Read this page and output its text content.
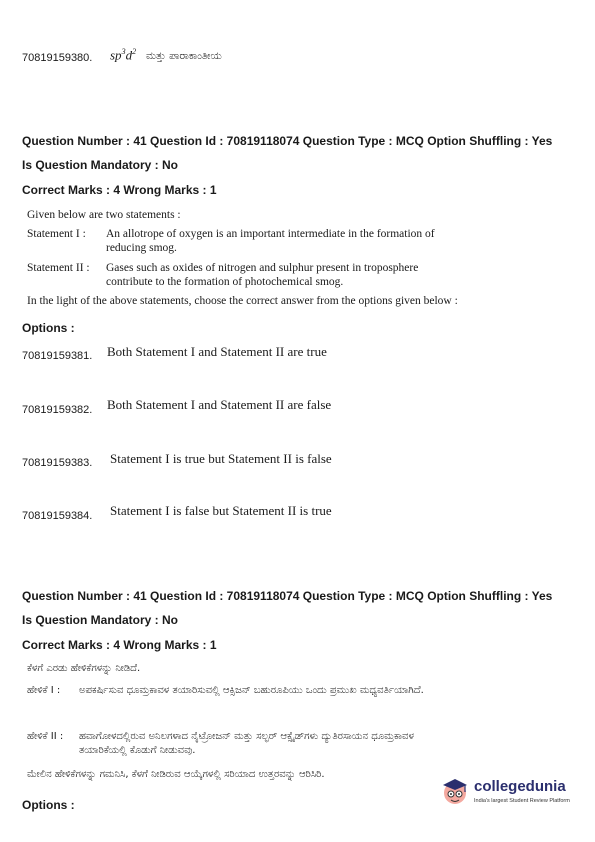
70819159380. $sp^3d^2$ ಮತ್ತು ಪಾರಾಕಾಂತೀಯ
Question Number : 41 Question Id : 70819118074 Question Type : MCQ Option Shuffling : Yes
Is Question Mandatory : No
Correct Marks : 4 Wrong Marks : 1
Given below are two statements :
Statement I :	An allotrope of oxygen is an important intermediate in the formation of reducing smog.
Statement II :	Gases such as oxides of nitrogen and sulphur present in troposphere contribute to the formation of photochemical smog.
In the light of the above statements, choose the correct answer from the options given below :
Options :
70819159381. Both Statement I and Statement II are true
70819159382. Both Statement I and Statement II are false
70819159383. Statement I is true but Statement II is false
70819159384. Statement I is false but Statement II is true
Question Number : 41 Question Id : 70819118074 Question Type : MCQ Option Shuffling : Yes
Is Question Mandatory : No
Correct Marks : 4 Wrong Marks : 1
ಕೆಳಗೆ ಎರಡು ಹೇಳಿಕೆಗಳನ್ನು ನೀಡಿದೆ.
ಹೇಳಿಕೆ I :	ಅಪಕರ್ಷಿಸುವ ಧೂಮ್ರಕಾವಳ ತಯಾರಿಸುವಲ್ಲಿ ಆಕ್ಸಿಜನ್ ಬಹುರೂಪಿಯು ಒಂದು ಪ್ರಮುಖ ಮಧ್ಯವರ್ತಿಯಾಗಿದೆ.
ಹೇಳಿಕೆ II :	ಹವಾಗೋಳದಲ್ಲಿರುವ ಅನಿಲಗಳಾದ ನೈಟ್ರೋಜನ್ ಮತ್ತು ಸಲ್ಫರ್ ಆಕ್ಸೈಡ್‌ಗಳು ದ್ಯುತಿರಸಾಯನ ಧೂಮ್ರಕಾವಳ ತಯಾರಿಕೆಯಲ್ಲಿ ಕೊಡುಗೆ ನೀಡುವವು.
ಮೇಲಿನ ಹೇಳಿಕೆಗಳನ್ನು ಗಮನಿಸಿ, ಕೆಳಗೆ ನೀಡಿರುವ ಆಯ್ಕೆಗಳಲ್ಲಿ ಸರಿಯಾದ ಉತ್ತರವನ್ನು ಆರಿಸಿರಿ.
Options :
collegedunia
India's largest Student Review Platform
